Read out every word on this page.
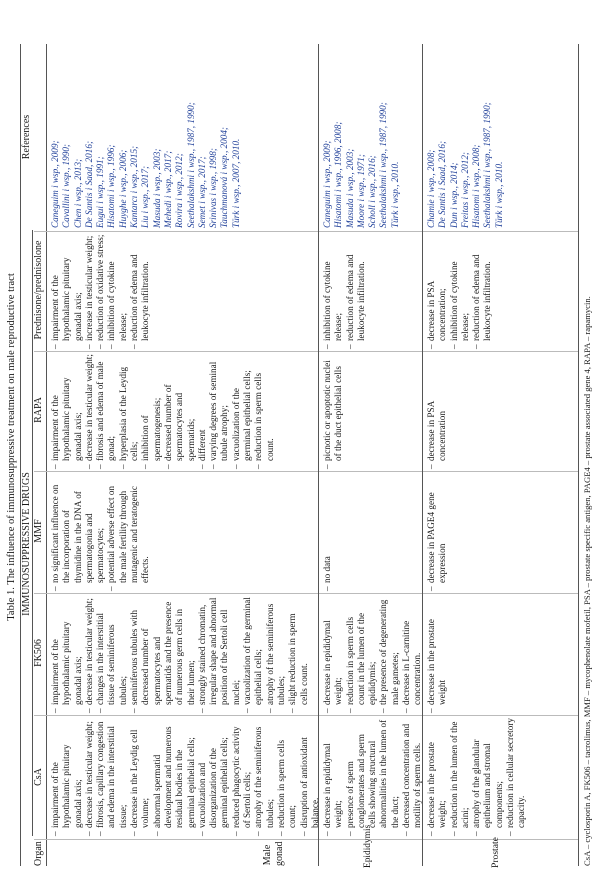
Table 1. The influence of immunosuppressive treatment on male reproductive tract IMMUNOSUPPRESSIVE DRUGS
Organ
CsA
FK506
MMF
RAPA
Prednisone/prednisolone
References
Male gonad
– impairment of the hypothalamic pituitary gonadal axis; – decrease in testicular weight; – fibrosis, capillary congestion and edema in the interstitial tissue; – decrease in the Leydig cell volume; – abnormal spermatid development and numerous residual bodies in the germinal epithelial cells; – vacuolization and disorganization of the germinal epithelial cells; – reduced phagocytic activity of Sertoli cells; – atrophy of the seminiferous tubules; – reduction in sperm cells count; – disruption of antioxidant balance.
– impairment of the hypothalamic pituitary gonadal axis; – decrease in testicular weight; – changes in the interstitial tissue of seminiferous tubules; – seminiferous tubules with decreased number of spermatocytes and spermatids and the presence of numerous germ cells in their lumen; – strongly stained chromatin, irregular shape and abnormal position of the Sertoli cell nuclei; – vacuolization of the germinal epithelial cells; – atrophy of the seminiferous tubules; – slight reduction in sperm cells count.
– no significant influence on the incorporation of thymidine in the DNA of spermatogonia and spermatocytes; – potential adverse effect on the male fertility through mutagenic and teratogenic effects.
– impairment of the hypothalamic pituitary gonadal axis; – decrease in testicular weight; – fibrosis and edema of male gonad; – hyperplasia of the Leydig cells; – inhibition of spermatogenesis; – decreased number of spermatocytes and spermatids; – different – varying degrees of seminal tubule atrophy; – vacuolization of the germinal epithelial cells; – reduction in sperm cells count.
– impairment of the hypothalamic pituitary gonadal axis; – increase in testicular weight; – reduction of oxidative stress; – inhibition of cytokine release; – reduction of edema and leukocyte infiltration.
Caneguim i wsp., 2009; Cavallini i wsp., 1990; Chen i wsp., 2013; De Santis i Saad, 2016; Eugui i wsp., 1991; Hisatomi i wsp., 1996; Huyghe i wsp., 2006; Kantarcı i wsp., 2015; Liu i wsp., 2017; Masuda i wsp., 2003; Mehedi i wsp., 2017; Rovira i wsp., 2012; Seethalakshmi i wsp., 1987, 1990; Semet i wsp., 2017; Srinivas i wsp., 1998; Tauchmanová i wsp., 2004; Türk i wsp., 2007, 2010.
Epididymis
– decrease in epididymal weight; – presence of sperm conglomerates and sperm cells showing structural abnormalities in the lumen of the duct; – decreased concentration and motility of sperm cells.
– decrease in epididymal weight; – reduction in sperm cells count in the lumen of the epididymis; – the presence of degenerating male gametes; – decrease in L-carnitine concentration.
– no data
– picnotic or apoptotic nuclei of the duct epithelial cells
– inhibition of cytokine release; – reduction of edema and leukocyte infiltration.
Caneguim i wsp., 2009; Hisatomi i wsp., 1996, 2008; Masuda i wsp., 2003; Moore i wsp., 1971; Scholl i wsp., 2016; Seethalakshmi i wsp., 1987, 1990; Türk i wsp., 2010.
Prostate
– decrease in the prostate weight; – reduction in the lumen of the acini; – atrophy of the glandular epithelium and stromal components; – reduction in cellular secretory capacity.
– decrease in the prostate weight
– decrease in PAGE4 gene expression
– decrease in PSA concentration
– decrease in PSA concentration; – inhibition of cytokine release; – reduction of edema and leukocyte infiltration.
Chamie i wsp., 2008; De Santis i Saad, 2016; Dun i wsp., 2014; Freitas i wsp., 2012; Hisatomi i wsp., 2008; Seethalakshmi i wsp., 1987, 1990; Türk i wsp., 2010.
CsA – cyclosporin A, FK506 – tacrolimus, MMF – mycophenolate mofetil, PSA – prostate specific antigen, PAGE4 – prostate associated gene 4, RAPA – rapamycin.
